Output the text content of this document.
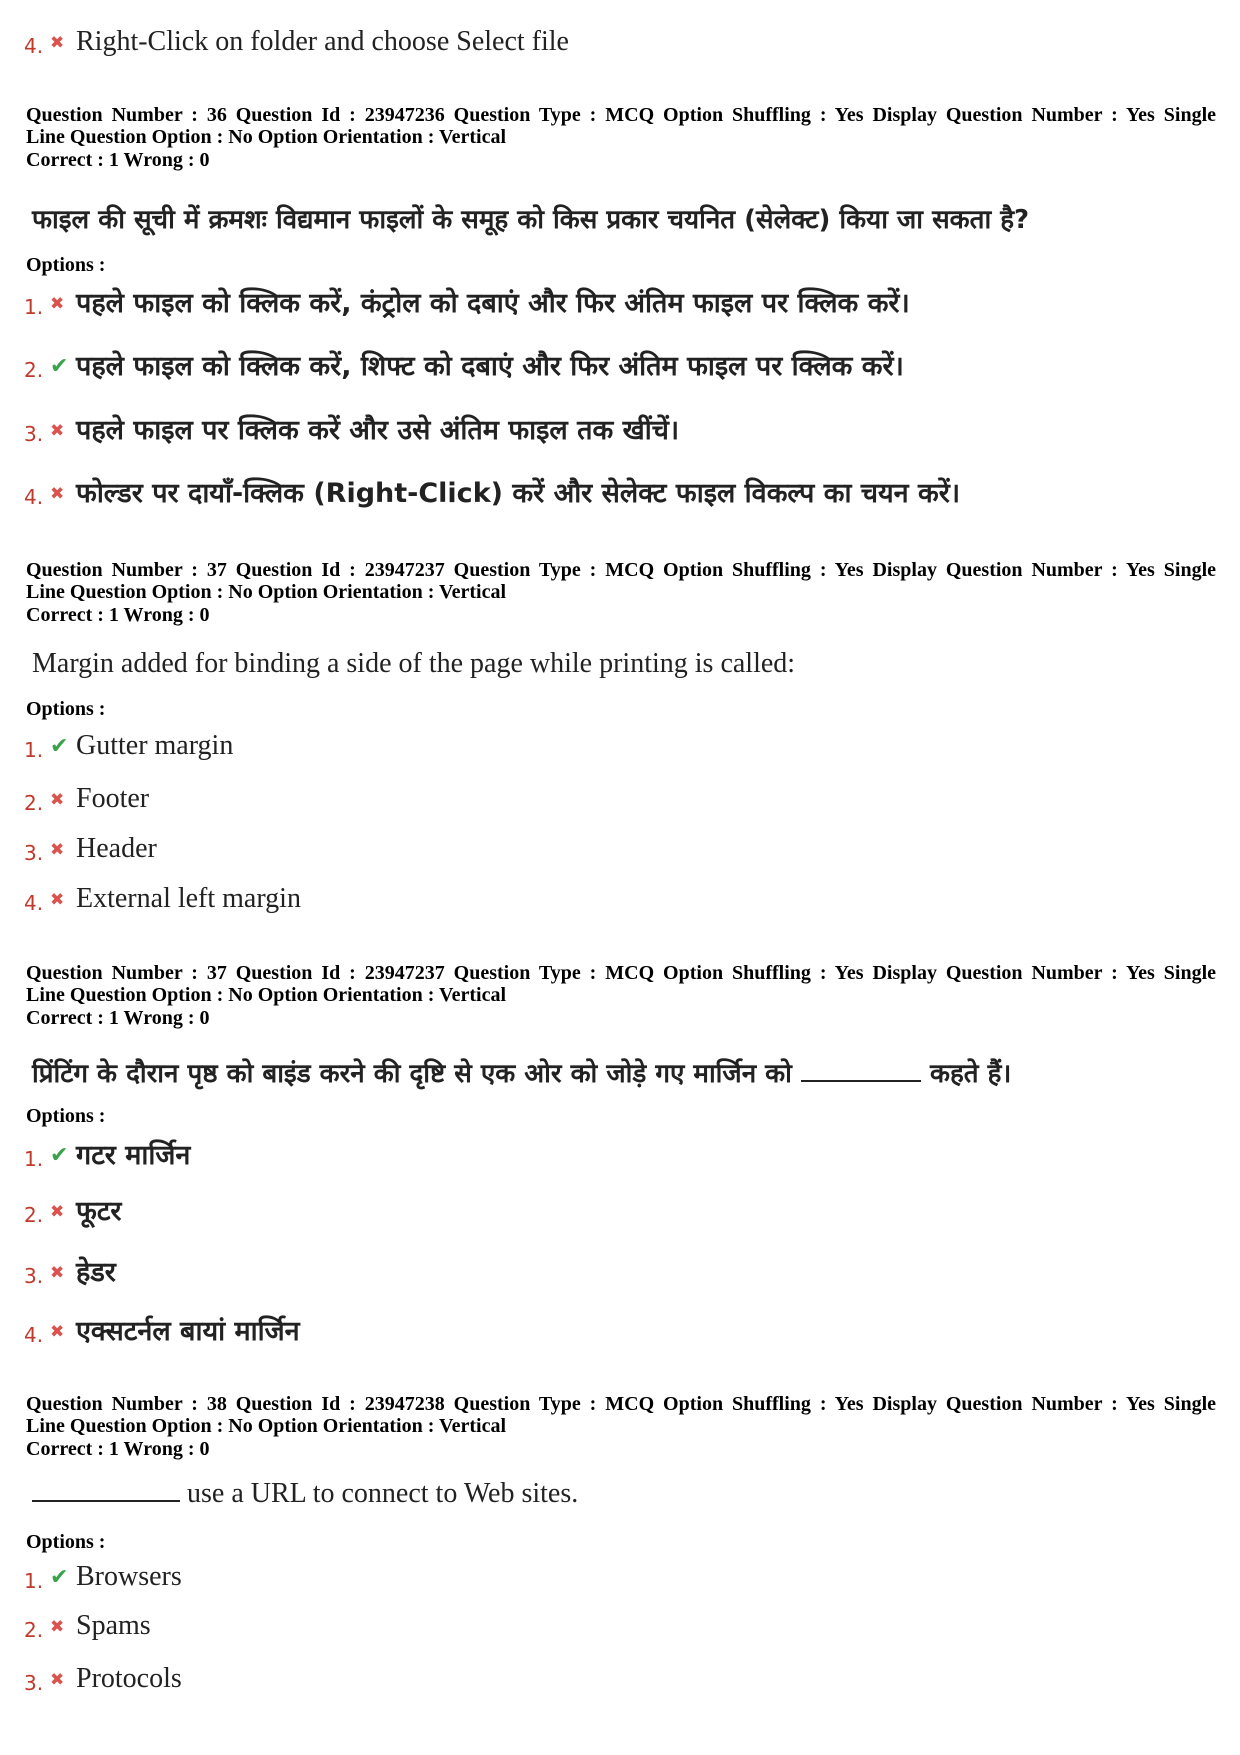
4. ✖ Right-Click on folder and choose Select file
Question Number : 36 Question Id : 23947236 Question Type : MCQ Option Shuffling : Yes Display Question Number : Yes Single
Line Question Option : No Option Orientation : Vertical
Correct : 1 Wrong : 0
फाइल की सूची में क्रमशः विद्यमान फाइलों के समूह को किस प्रकार चयनित (सेलेक्ट) किया जा सकता है?
Options :
1. ✖ पहले फाइल को क्लिक करें, कंट्रोल को दबाएं और फिर अंतिम फाइल पर क्लिक करें।
2. ✔ पहले फाइल को क्लिक करें, शिफ्ट को दबाएं और फिर अंतिम फाइल पर क्लिक करें।
3. ✖ पहले फाइल पर क्लिक करें और उसे अंतिम फाइल तक खींचें।
4. ✖ फोल्डर पर दायाँ-क्लिक (Right-Click) करें और सेलेक्ट फाइल विकल्प का चयन करें।
Question Number : 37 Question Id : 23947237 Question Type : MCQ Option Shuffling : Yes Display Question Number : Yes Single
Line Question Option : No Option Orientation : Vertical
Correct : 1 Wrong : 0
Margin added for binding a side of the page while printing is called:
Options :
1. ✔ Gutter margin
2. ✖ Footer
3. ✖ Header
4. ✖ External left margin
Question Number : 37 Question Id : 23947237 Question Type : MCQ Option Shuffling : Yes Display Question Number : Yes Single
Line Question Option : No Option Orientation : Vertical
Correct : 1 Wrong : 0
प्रिंटिंग के दौरान पृष्ठ को बाइंड करने की दृष्टि से एक ओर को जोड़े गए मार्जिन को	कहते हैं।
Options :
1. ✔ गटर मार्जिन
2. ✖ फूटर
3. ✖ हेडर
4. ✖ एक्सटर्नल बायां मार्जिन
Question Number : 38 Question Id : 23947238 Question Type : MCQ Option Shuffling : Yes Display Question Number : Yes Single
Line Question Option : No Option Orientation : Vertical
Correct : 1 Wrong : 0
use a URL to connect to Web sites.
Options :
1. ✔ Browsers
2. ✖ Spams
3. ✖ Protocols
